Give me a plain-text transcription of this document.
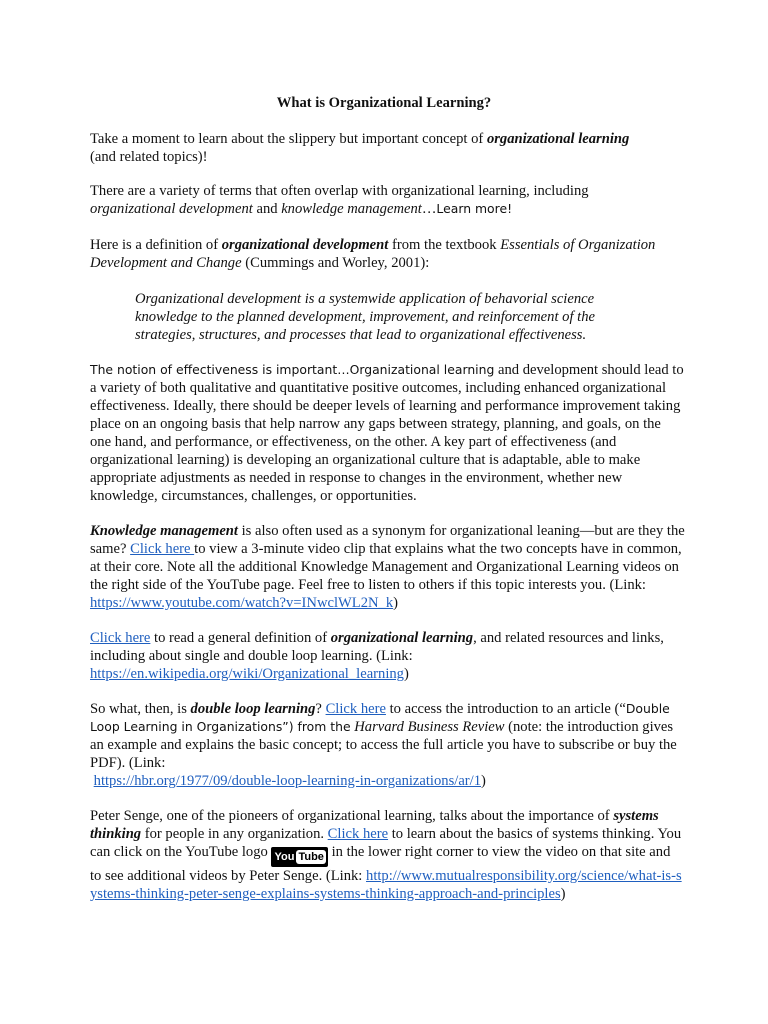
What is Organizational Learning?

Take a moment to learn about the slippery but important concept of organizational learning
(and related topics)!

There are a variety of terms that often overlap with organizational learning, including
organizational development and knowledge management…Learn more!

Here is a definition of organizational development from the textbook Essentials of Organization Development and Change (Cummings and Worley, 2001):

Organizational development is a systemwide application of behavorial science knowledge to the planned development, improvement, and reinforcement of the strategies, structures, and processes that lead to organizational effectiveness.

The notion of effectiveness is important…Organizational learning and development should lead to a variety of both qualitative and quantitative positive outcomes, including enhanced organizational effectiveness. Ideally, there should be deeper levels of learning and performance improvement taking place on an ongoing basis that help narrow any gaps between strategy, planning, and goals, on the one hand, and performance, or effectiveness, on the other. A key part of effectiveness (and organizational learning) is developing an organizational culture that is adaptable, able to make appropriate adjustments as needed in response to changes in the environment, whether new knowledge, circumstances, challenges, or opportunities.

Knowledge management is also often used as a synonym for organizational leaning—but are they the same? Click here to view a 3-minute video clip that explains what the two concepts have in common, at their core. Note all the additional Knowledge Management and Organizational Learning videos on the right side of the YouTube page. Feel free to listen to others if this topic interests you. (Link: https://www.youtube.com/watch?v=INwclWL2N_k)

Click here to read a general definition of organizational learning, and related resources and links, including about single and double loop learning. (Link: https://en.wikipedia.org/wiki/Organizational_learning)

So what, then, is double loop learning? Click here to access the introduction to an article (“Double Loop Learning in Organizations”) from the Harvard Business Review (note: the introduction gives an example and explains the basic concept; to access the full article you have to subscribe or buy the PDF). (Link:
https://hbr.org/1977/09/double-loop-learning-in-organizations/ar/1)

Peter Senge, one of the pioneers of organizational learning, talks about the importance of systems thinking for people in any organization. Click here to learn about the basics of systems thinking. You can click on the YouTube logo You Tube in the lower right corner to view the video on that site and to see additional videos by Peter Senge. (Link: http://www.mutualresponsibility.org/science/what-is-systems-thinking-peter-senge-explains-systems-thinking-approach-and-principles)
